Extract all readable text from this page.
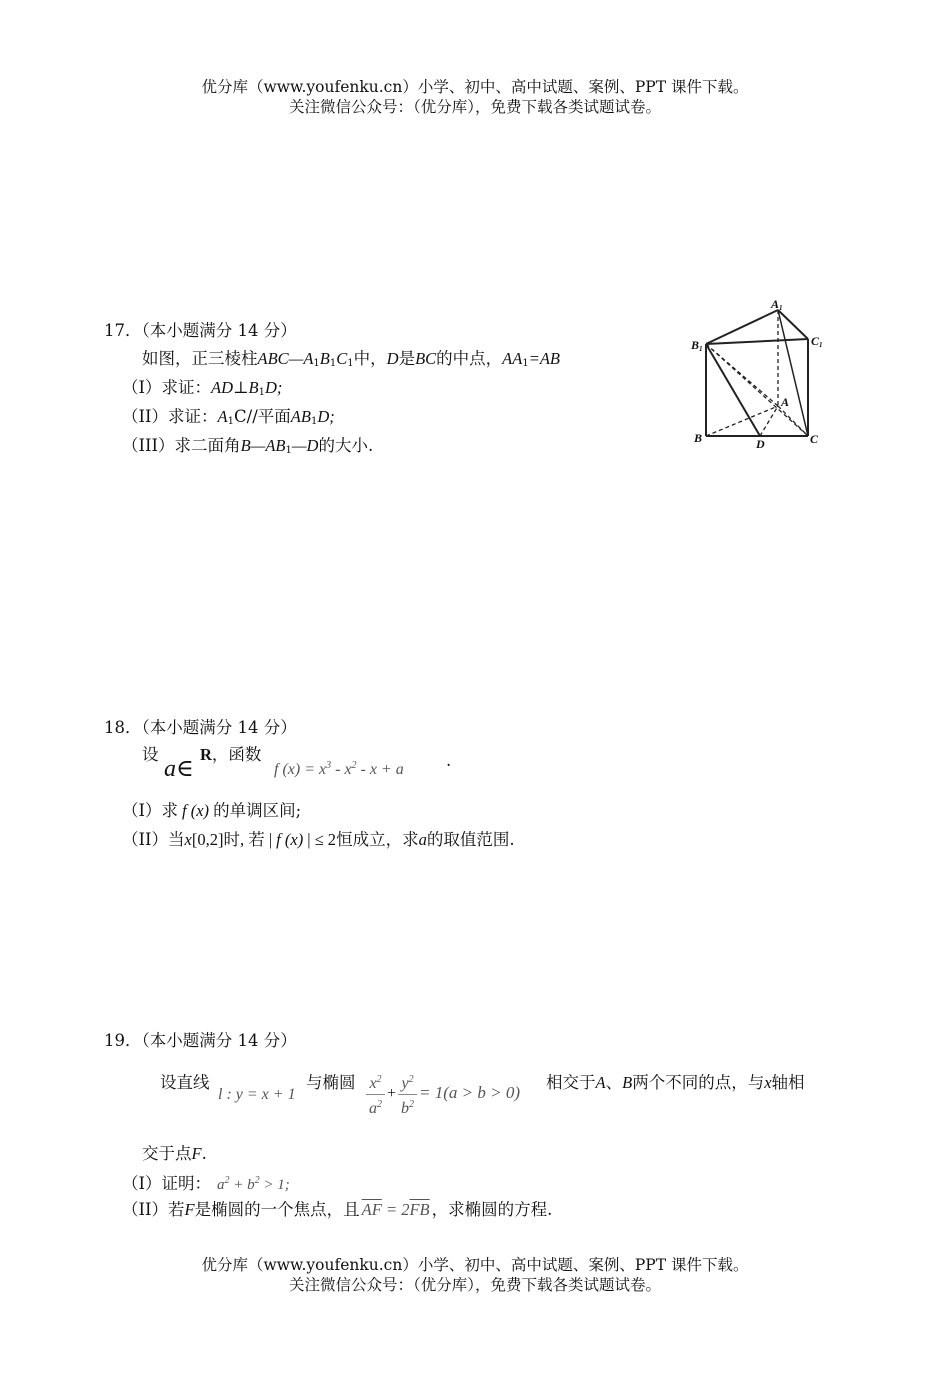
优分库（www.youfenku.cn）小学、初中、高中试题、案例、PPT 课件下载。
关注微信公众号：（优分库），免费下载各类试题试卷。
17．（本小题满分 14 分）
如图，正三棱柱$ABC—A_1B_1C_1$中，D是BC的中点，$AA_1=AB$
（I）求证：$AD\perp B_1D$;
（II）求证：$A_1C//$平面$AB_1D$;
（III）求二面角$B—AB_1—D$的大小.
A1
B1
C1
A
B	C
D
18．（本小题满分 14 分）
设
a∈
R，函数
f $(x) = x^3 - x^2 - x + a$	.
（I）求 f (x) 的单调区间;
（II）当x[0,2]时, 若 | f (x) | ≤ 2恒成立，求a的取值范围.
19．（本小题满分 14 分）
设直线
l : y = x + 1
与椭圆 $\frac{x^2}{a^2} + \frac{y^2}{b^2} = 1(a > b > 0)$
相交于A、B两个不同的点，与x轴相
交于点F.
（I）证明： $a^2 + b^2 > 1$;
（II）若F是椭圆的一个焦点，且 $\overline{AF} = 2\overline{FB}$ ，求椭圆的方程.
优分库（www.youfenku.cn）小学、初中、高中试题、案例、PPT 课件下载。
关注微信公众号：（优分库），免费下载各类试题试卷。
